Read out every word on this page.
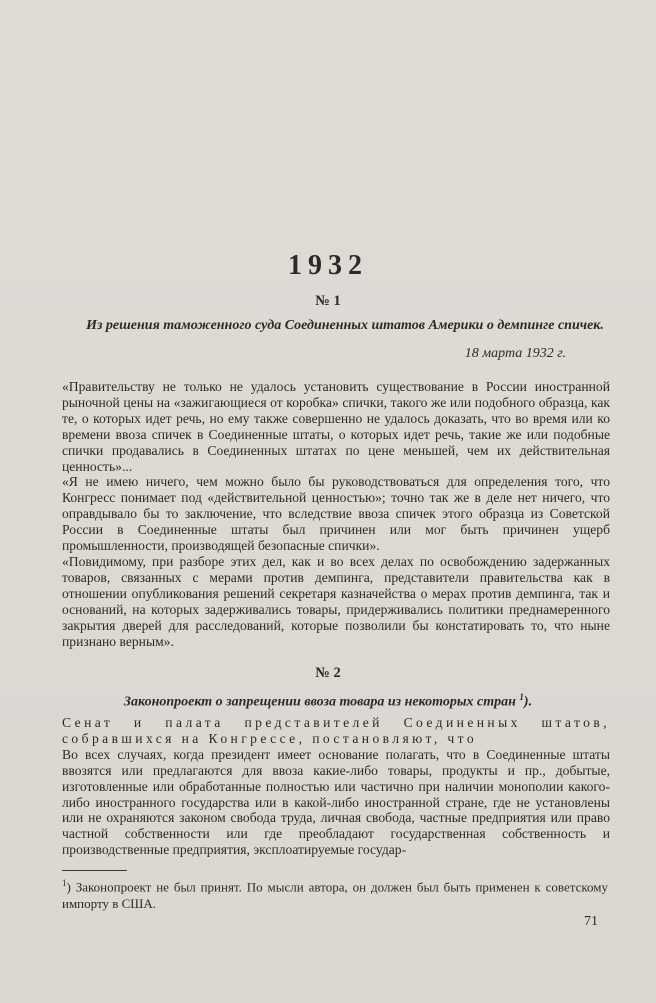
1932
№ 1
Из решения таможенного суда Соединенных штатов Америки о демпинге спичек.
18 марта 1932 г.

«Правительству не только не удалось установить существование в России иностранной рыночной цены на «зажигающиеся от коробка» спички, такого же или подобного образца, как те, о которых идет речь, но ему также совершенно не удалось доказать, что во время или ко времени ввоза спичек в Соединенные штаты, о которых идет речь, такие же или подобные спички продавались в Соединенных штатах по цене меньшей, чем их действительная ценность»...

«Я не имею ничего, чем можно было бы руководствоваться для определения того, что Конгресс понимает под «действительной ценностью»; точно так же в деле нет ничего, что оправдывало бы то заключение, что вследствие ввоза спичек этого образца из Советской России в Соединенные штаты был причинен или мог быть причинен ущерб промышленности, производящей безопасные спички».

«Повидимому, при разборе этих дел, как и во всех делах по освобождению задержанных товаров, связанных с мерами против демпинга, представители правительства как в отношении опубликования решений секретаря казначейства о мерах против демпинга, так и оснований, на которых задерживались товары, придерживались политики преднамеренного закрытия дверей для расследований, которые позволили бы констатировать то, что ныне признано верным».

№ 2
Законопроект о запрещении ввоза товара из некоторых стран $^1$).

Сенат и палата представителей Соединенных штатов, собравшихся на Конгрессе, постановляют, что

Во всех случаях, когда президент имеет основание полагать, что в Соединенные штаты ввозятся или предлагаются для ввоза какие-либо товары, продукты и пр., добытые, изготовленные или обработанные полностью или частично при наличии монополии какого-либо иностранного государства или в какой-либо иностранной стране, где не установлены или не охраняются законом свобода труда, личная свобода, частные предприятия или право частной собственности или где преобладают государственная собственность и производственные предприятия, эксплоатируемые государ-

$^1$) Законопроект не был принят. По мысли автора, он должен был быть применен к советскому импорту в США.
71
